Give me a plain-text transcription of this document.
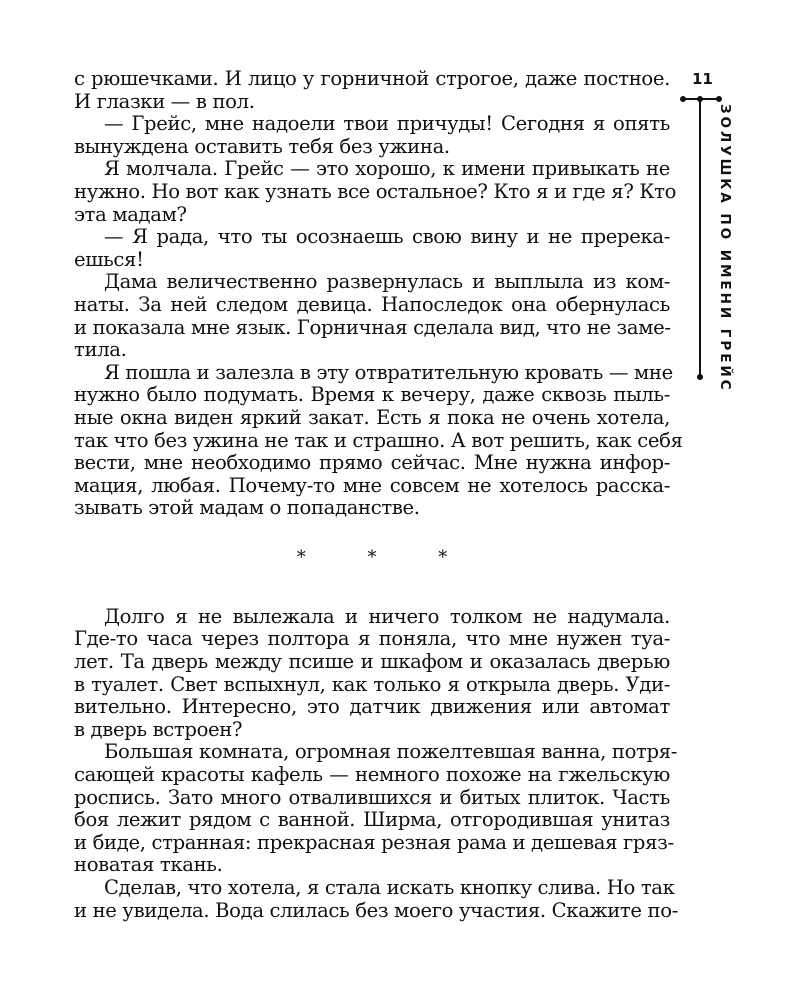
11
ЗОЛУШКА ПО ИМЕНИ ГРЕЙС
с рюшечками. И лицо у горничной строгое, даже постное.
И глазки — в пол.
— Грейс, мне надоели твои причуды! Сегодня я опять
вынуждена оставить тебя без ужина.
Я молчала. Грейс — это хорошо, к имени привыкать не
нужно. Но вот как узнать все остальное? Кто я и где я? Кто
эта мадам?
— Я рада, что ты осознаешь свою вину и не пререка-
ешься!
Дама величественно развернулась и выплыла из ком-
наты. За ней следом девица. Напоследок она обернулась
и показала мне язык. Горничная сделала вид, что не заме-
тила.
Я пошла и залезла в эту отвратительную кровать — мне
нужно было подумать. Время к вечеру, даже сквозь пыль-
ные окна виден яркий закат. Есть я пока не очень хотела,
так что без ужина не так и страшно. А вот решить, как себя
вести, мне необходимо прямо сейчас. Мне нужна инфор-
мация, любая. Почему-то мне совсем не хотелось расска-
зывать этой мадам о попаданстве.
* * *
Долго я не вылежала и ничего толком не надумала.
Где-то часа через полтора я поняла, что мне нужен туа-
лет. Та дверь между псише и шкафом и оказалась дверью
в туалет. Свет вспыхнул, как только я открыла дверь. Уди-
вительно. Интересно, это датчик движения или автомат
в дверь встроен?
Большая комната, огромная пожелтевшая ванна, потря-
сающей красоты кафель — немного похоже на гжельскую
роспись. Зато много отвалившихся и битых плиток. Часть
боя лежит рядом с ванной. Ширма, отгородившая унитаз
и биде, странная: прекрасная резная рама и дешевая гряз-
новатая ткань.
Сделав, что хотела, я стала искать кнопку слива. Но так
и не увидела. Вода слилась без моего участия. Скажите по-
